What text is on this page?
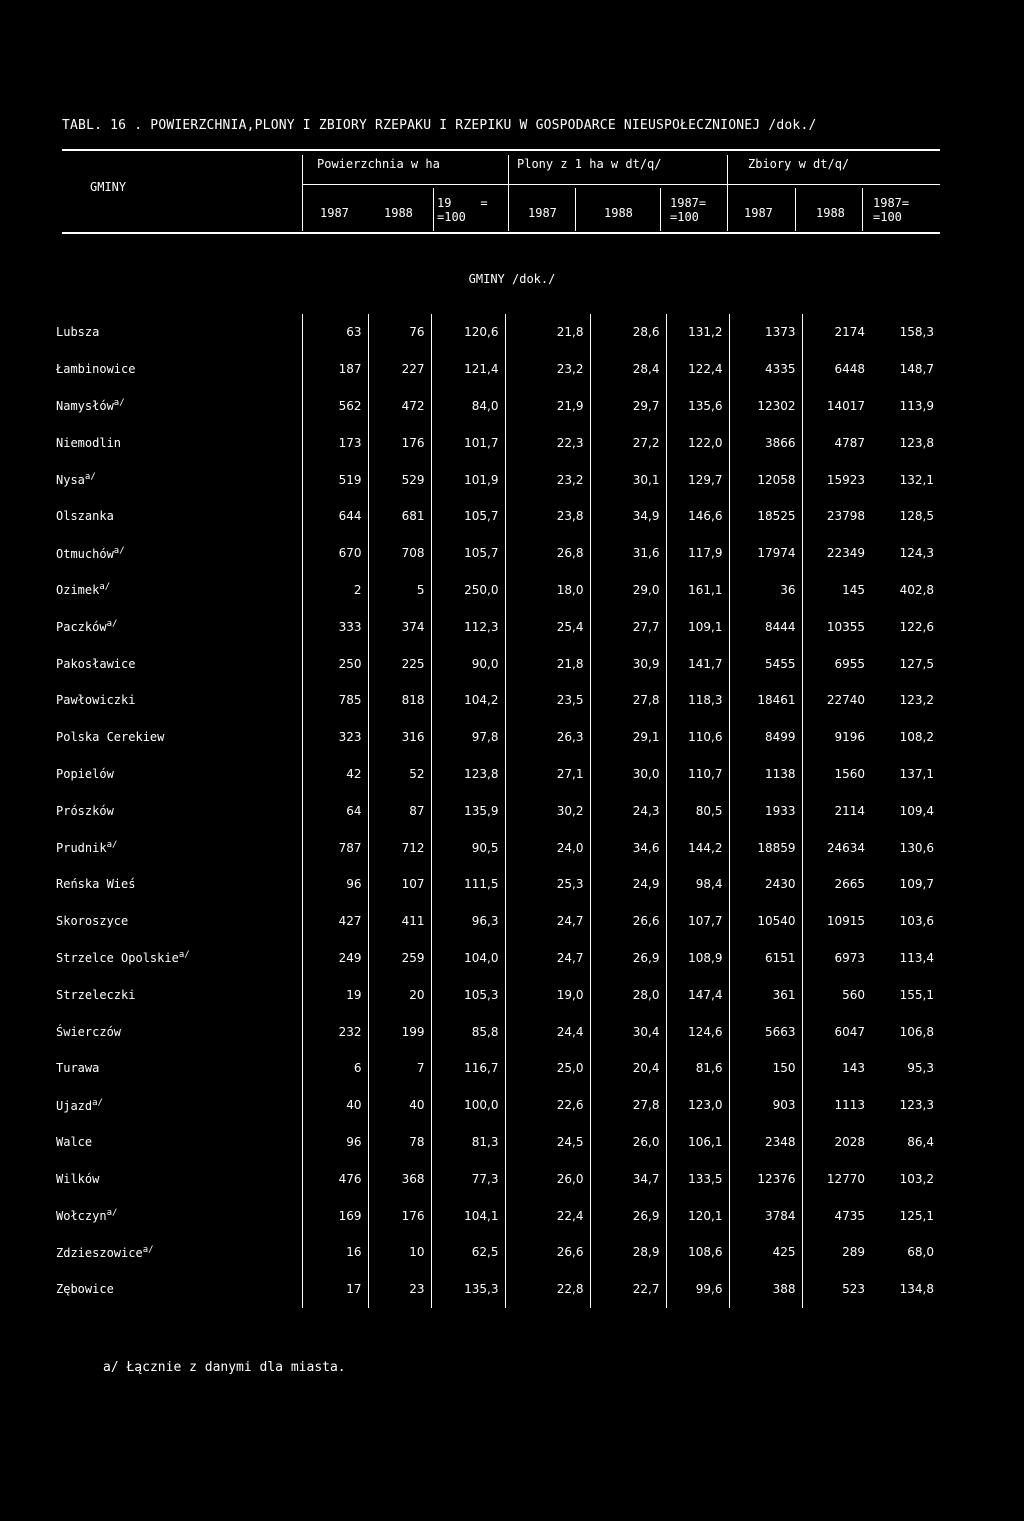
TABL. 16 . POWIERZCHNIA,PLONY I ZBIORY RZEPAKU I RZEPIKU W GOSPODARCE NIEUSPOŁECZNIONEJ /dok./
GMINY
Powierzchnia w ha	Plony z 1 ha w dt/q/	Zbiory w dt/q/
1987	1988
19    =
=100	1987	1988
1987=
=100	1987	1988
1987=
=100
GMINY /dok./
Lubsza	63	76	120,6	21,8	28,6	131,2	1373	2174	158,3
Łambinowice	187	227	121,4	23,2	28,4	122,4	4335	6448	148,7
Namysłów$^{a/}$	562	472	84,0	21,9	29,7	135,6	12302	14017	113,9
Niemodlin	173	176	101,7	22,3	27,2	122,0	3866	4787	123,8
Nysa$^{a/}$	519	529	101,9	23,2	30,1	129,7	12058	15923	132,1
Olszanka	644	681	105,7	23,8	34,9	146,6	18525	23798	128,5
Otmuchów$^{a/}$	670	708	105,7	26,8	31,6	117,9	17974	22349	124,3
Ozimek$^{a/}$	2	5	250,0	18,0	29,0	161,1	36	145	402,8
Paczków$^{a/}$	333	374	112,3	25,4	27,7	109,1	8444	10355	122,6
Pakosławice	250	225	90,0	21,8	30,9	141,7	5455	6955	127,5
Pawłowiczki	785	818	104,2	23,5	27,8	118,3	18461	22740	123,2
Polska Cerekiew	323	316	97,8	26,3	29,1	110,6	8499	9196	108,2
Popielów	42	52	123,8	27,1	30,0	110,7	1138	1560	137,1
Prószków	64	87	135,9	30,2	24,3	80,5	1933	2114	109,4
Prudnik$^{a/}$	787	712	90,5	24,0	34,6	144,2	18859	24634	130,6
Reńska Wieś	96	107	111,5	25,3	24,9	98,4	2430	2665	109,7
Skoroszyce	427	411	96,3	24,7	26,6	107,7	10540	10915	103,6
Strzelce Opolskie$^{a/}$	249	259	104,0	24,7	26,9	108,9	6151	6973	113,4
Strzeleczki	19	20	105,3	19,0	28,0	147,4	361	560	155,1
Świerczów	232	199	85,8	24,4	30,4	124,6	5663	6047	106,8
Turawa	6	7	116,7	25,0	20,4	81,6	150	143	95,3
Ujazd$^{a/}$	40	40	100,0	22,6	27,8	123,0	903	1113	123,3
Walce	96	78	81,3	24,5	26,0	106,1	2348	2028	86,4
Wilków	476	368	77,3	26,0	34,7	133,5	12376	12770	103,2
Wołczyn$^{a/}$	169	176	104,1	22,4	26,9	120,1	3784	4735	125,1
Zdzieszowice$^{a/}$	16	10	62,5	26,6	28,9	108,6	425	289	68,0
Zębowice	17	23	135,3	22,8	22,7	99,6	388	523	134,8
a/ Łącznie z danymi dla miasta.
